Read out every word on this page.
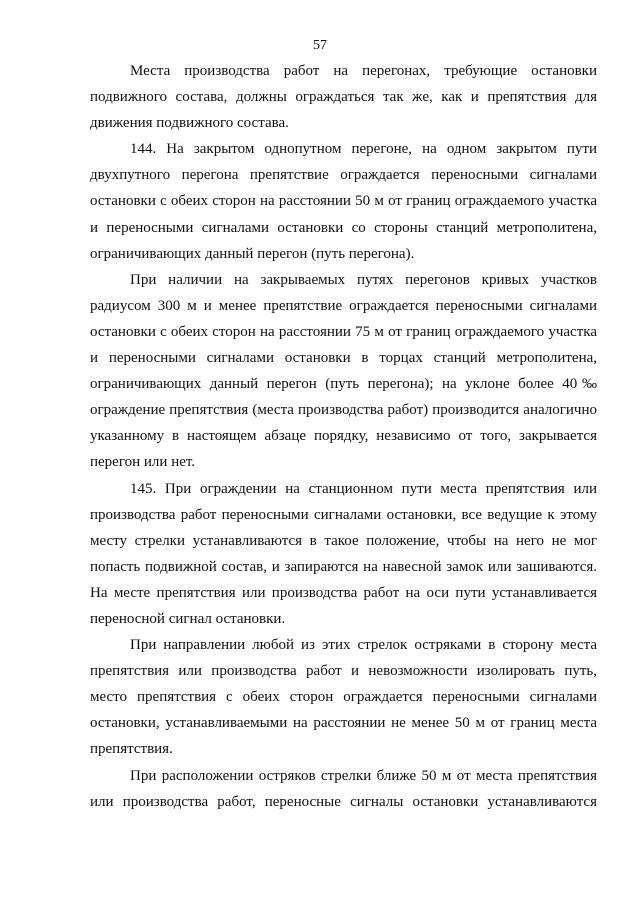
57

Места производства работ на перегонах, требующие остановки подвижного состава, должны ограждаться так же, как и препятствия для движения подвижного состава.

144. На закрытом однопутном перегоне, на одном закрытом пути двухпутного перегона препятствие ограждается переносными сигналами остановки с обеих сторон на расстоянии 50 м от границ ограждаемого участка и переносными сигналами остановки со стороны станций метрополитена, ограничивающих данный перегон (путь перегона).

При наличии на закрываемых путях перегонов кривых участков радиусом 300 м и менее препятствие ограждается переносными сигналами остановки с обеих сторон на расстоянии 75 м от границ ограждаемого участка и переносными сигналами остановки в торцах станций метрополитена, ограничивающих данный перегон (путь перегона); на уклоне более 40‰ ограждение препятствия (места производства работ) производится аналогично указанному в настоящем абзаце порядку, независимо от того, закрывается перегон или нет.

145. При ограждении на станционном пути места препятствия или производства работ переносными сигналами остановки, все ведущие к этому месту стрелки устанавливаются в такое положение, чтобы на него не мог попасть подвижной состав, и запираются на навесной замок или зашиваются. На месте препятствия или производства работ на оси пути устанавливается переносной сигнал остановки.

При направлении любой из этих стрелок остряками в сторону места препятствия или производства работ и невозможности изолировать путь, место препятствия с обеих сторон ограждается переносными сигналами остановки, устанавливаемыми на расстоянии не менее 50 м от границ места препятствия.

При расположении остряков стрелки ближе 50 м от места препятствия или производства работ, переносные сигналы остановки устанавливаются
